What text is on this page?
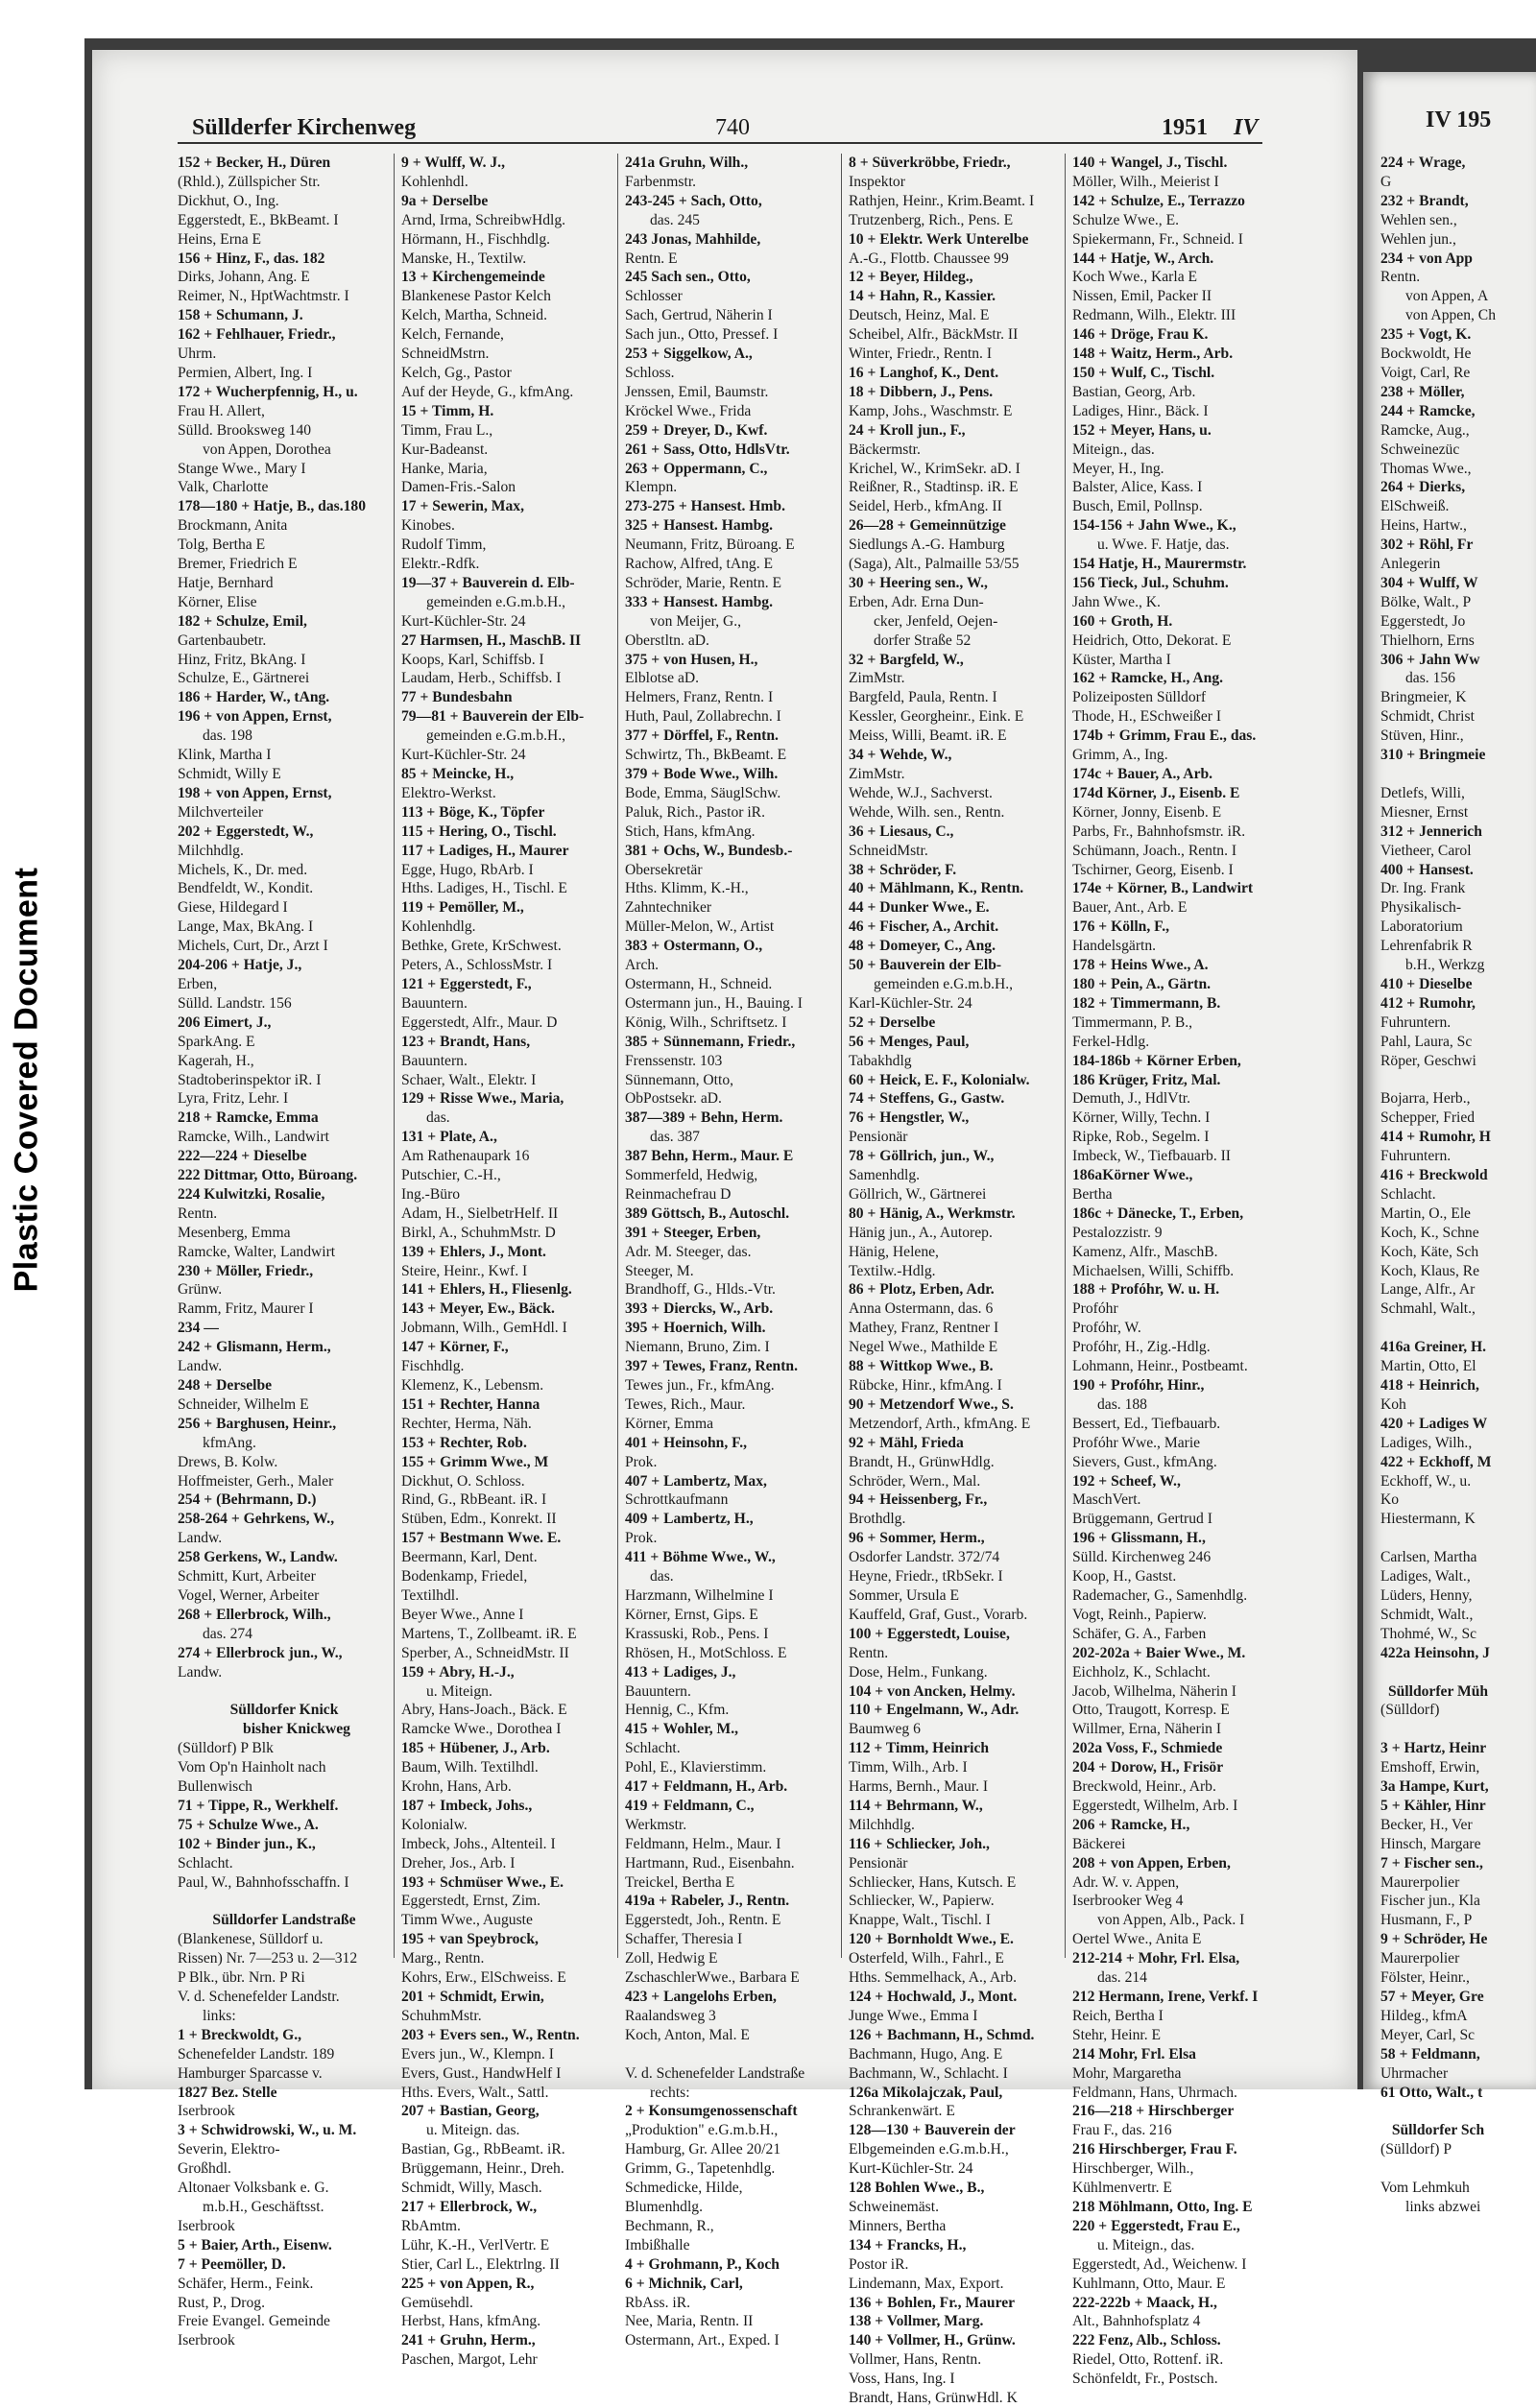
Plastic Covered Document
Süllderfer Kirchenweg	740	1951 IV	IV 195

152 + Becker, H., Düren

(Rhld.), Züllspicher Str.

Dickhut, O., Ing.

Eggerstedt, E., BkBeamt. I

Heins, Erna E

156 + Hinz, F., das. 182

Dirks, Johann, Ang. E

Reimer, N., HptWachtmstr. I

158 + Schumann, J.

162 + Fehlhauer, Friedr.,

Uhrm.

Permien, Albert, Ing. I

172 + Wucherpfennig, H., u.

Frau H. Allert,

Sülld. Brooksweg 140

von Appen, Dorothea

Stange Wwe., Mary I

Valk, Charlotte

178—180 + Hatje, B., das.180

Brockmann, Anita

Tolg, Bertha E

Bremer, Friedrich E

Hatje, Bernhard

Körner, Elise

182 + Schulze, Emil,

Gartenbaubetr.

Hinz, Fritz, BkAng. I

Schulze, E., Gärtnerei

186 + Harder, W., tAng.

196 + von Appen, Ernst,

das. 198

Klink, Martha I

Schmidt, Willy E

198 + von Appen, Ernst,

Milchverteiler

202 + Eggerstedt, W.,

Milchhdlg.

Michels, K., Dr. med.

Bendfeldt, W., Kondit.

Giese, Hildegard I

Lange, Max, BkAng. I

Michels, Curt, Dr., Arzt I

204-206 + Hatje, J.,

Erben,

Sülld. Landstr. 156

206 Eimert, J.,

SparkAng. E

Kagerah, H.,

Stadtoberinspektor iR. I

Lyra, Fritz, Lehr. I

218 + Ramcke, Emma

Ramcke, Wilh., Landwirt

222—224 + Dieselbe

222 Dittmar, Otto, Büroang.

224 Kulwitzki, Rosalie,

Rentn.

Mesenberg, Emma

Ramcke, Walter, Landwirt

230 + Möller, Friedr.,

Grünw.

Ramm, Fritz, Maurer I

234 —

242 + Glismann, Herm.,

Landw.

248 + Derselbe

Schneider, Wilhelm E

256 + Barghusen, Heinr.,

kfmAng.

Drews, B. Kolw.

Hoffmeister, Gerh., Maler

254 + (Behrmann, D.)

258-264 + Gehrkens, W.,

Landw.

258 Gerkens, W., Landw.

Schmitt, Kurt, Arbeiter

Vogel, Werner, Arbeiter

268 + Ellerbrock, Wilh.,

das. 274

274 + Ellerbrock jun., W.,

Landw.

Sülldorfer Knick

bisher Knickweg

(Sülldorf) P Blk

Vom Op'n Hainholt nach

Bullenwisch

71 + Tippe, R., Werkhelf.

75 + Schulze Wwe., A.

102 + Binder jun., K.,

Schlacht.

Paul, W., Bahnhofsschaffn. I

Sülldorfer Landstraße

(Blankenese, Sülldorf u.

Rissen) Nr. 7—253 u. 2—312

P Blk., übr. Nrn. P Ri

V. d. Schenefelder Landstr.

links:

1 + Breckwoldt, G.,

Schenefelder Landstr. 189

Hamburger Sparcasse v.

1827 Bez. Stelle

Iserbrook

3 + Schwidrowski, W., u. M.

Severin, Elektro-

Großhdl.

Altonaer Volksbank e. G.

m.b.H., Geschäftsst.

Iserbrook

5 + Baier, Arth., Eisenw.

7 + Peemöller, D.

Schäfer, Herm., Feink.

Rust, P., Drog.

Freie Evangel. Gemeinde

Iserbrook

9 + Wulff, W. J.,

Kohlenhdl.

9a + Derselbe

Arnd, Irma, SchreibwHdlg.

Hörmann, H., Fischhdlg.

Manske, H., Textilw.

13 + Kirchengemeinde

Blankenese Pastor Kelch

Kelch, Martha, Schneid.

Kelch, Fernande,

SchneidMstrn.

Kelch, Gg., Pastor

Auf der Heyde, G., kfmAng.

15 + Timm, H.

Timm, Frau L.,

Kur-Badeanst.

Hanke, Maria,

Damen-Fris.-Salon

17 + Sewerin, Max,

Kinobes.

Rudolf Timm,

Elektr.-Rdfk.

19—37 + Bauverein d. Elb-

gemeinden e.G.m.b.H.,

Kurt-Küchler-Str. 24

27 Harmsen, H., MaschB. II

Koops, Karl, Schiffsb. I

Laudam, Herb., Schiffsb. I

77 + Bundesbahn

79—81 + Bauverein der Elb-

gemeinden e.G.m.b.H.,

Kurt-Küchler-Str. 24

85 + Meincke, H.,

Elektro-Werkst.

113 + Böge, K., Töpfer

115 + Hering, O., Tischl.

117 + Ladiges, H., Maurer

Egge, Hugo, RbArb. I

Hths. Ladiges, H., Tischl. E

119 + Pemöller, M.,

Kohlenhdlg.

Bethke, Grete, KrSchwest.

Peters, A., SchlossMstr. I

121 + Eggerstedt, F.,

Bauuntern.

Eggerstedt, Alfr., Maur. D

123 + Brandt, Hans,

Bauuntern.

Schaer, Walt., Elektr. I

129 + Risse Wwe., Maria,

das.

131 + Plate, A.,

Am Rathenaupark 16

Putschier, C.-H.,

Ing.-Büro

Adam, H., SielbetrHelf. II

Birkl, A., SchuhmMstr. D

139 + Ehlers, J., Mont.

Steire, Heinr., Kwf. I

141 + Ehlers, H., Fliesenlg.

143 + Meyer, Ew., Bäck.

Jobmann, Wilh., GemHdl. I

147 + Körner, F.,

Fischhdlg.

Klemenz, K., Lebensm.

151 + Rechter, Hanna

Rechter, Herma, Näh.

153 + Rechter, Rob.

155 + Grimm Wwe., M

Dickhut, O. Schloss.

Rind, G., RbBeant. iR. I

Stüben, Edm., Konrekt. II

157 + Bestmann Wwe. E.

Beermann, Karl, Dent.

Bodenkamp, Friedel,

Textilhdl.

Beyer Wwe., Anne I

Martens, T., Zollbeamt. iR. E

Sperber, A., SchneidMstr. II

159 + Abry, H.-J.,

u. Miteign.

Abry, Hans-Joach., Bäck. E

Ramcke Wwe., Dorothea I

185 + Hübener, J., Arb.

Baum, Wilh. Textilhdl.

Krohn, Hans, Arb.

187 + Imbeck, Johs.,

Kolonialw.

Imbeck, Johs., Altenteil. I

Dreher, Jos., Arb. I

193 + Schmüser Wwe., E.

Eggerstedt, Ernst, Zim.

Timm Wwe., Auguste

195 + van Speybrock,

Marg., Rentn.

Kohrs, Erw., ElSchweiss. E

201 + Schmidt, Erwin,

SchuhmMstr.

203 + Evers sen., W., Rentn.

Evers jun., W., Klempn. I

Evers, Gust., HandwHelf I

Hths. Evers, Walt., Sattl.

207 + Bastian, Georg,

u. Miteign. das.

Bastian, Gg., RbBeamt. iR.

Brüggemann, Heinr., Dreh.

Schmidt, Willy, Masch.

217 + Ellerbrock, W.,

RbAmtm.

Lühr, K.-H., VerlVertr. E

Stier, Carl L., Elektrlng. II

225 + von Appen, R.,

Gemüsehdl.

Herbst, Hans, kfmAng.

241 + Gruhn, Herm.,

Paschen, Margot, Lehr

241a Gruhn, Wilh.,

Farbenmstr.

243-245 + Sach, Otto,

das. 245

243 Jonas, Mahhilde,

Rentn. E

245 Sach sen., Otto,

Schlosser

Sach, Gertrud, Näherin I

Sach jun., Otto, Pressef. I

253 + Siggelkow, A.,

Schloss.

Jenssen, Emil, Baumstr.

Kröckel Wwe., Frida

259 + Dreyer, D., Kwf.

261 + Sass, Otto, HdlsVtr.

263 + Oppermann, C.,

Klempn.

273-275 + Hansest. Hmb.

325 + Hansest. Hambg.

Neumann, Fritz, Büroang. E

Rachow, Alfred, tAng. E

Schröder, Marie, Rentn. E

333 + Hansest. Hambg.

von Meijer, G.,

Oberstltn. aD.

375 + von Husen, H.,

Elblotse aD.

Helmers, Franz, Rentn. I

Huth, Paul, Zollabrechn. I

377 + Dörffel, F., Rentn.

Schwirtz, Th., BkBeamt. E

379 + Bode Wwe., Wilh.

Bode, Emma, SäuglSchw.

Paluk, Rich., Pastor iR.

Stich, Hans, kfmAng.

381 + Ochs, W., Bundesb.-

Obersekretär

Hths. Klimm, K.-H.,

Zahntechniker

Müller-Melon, W., Artist

383 + Ostermann, O.,

Arch.

Ostermann, H., Schneid.

Ostermann jun., H., Bauing. I

König, Wilh., Schriftsetz. I

385 + Sünnemann, Friedr.,

Frenssenstr. 103

Sünnemann, Otto,

ObPostsekr. aD.

387—389 + Behn, Herm.

das. 387

387 Behn, Herm., Maur. E

Sommerfeld, Hedwig,

Reinmachefrau D

389 Göttsch, B., Autoschl.

391 + Steeger, Erben,

Adr. M. Steeger, das.

Steeger, M.

Brandhoff, G., Hlds.-Vtr.

393 + Diercks, W., Arb.

395 + Hoernich, Wilh.

Niemann, Bruno, Zim. I

397 + Tewes, Franz, Rentn.

Tewes jun., Fr., kfmAng.

Tewes, Rich., Maur.

Körner, Emma

401 + Heinsohn, F.,

Prok.

407 + Lambertz, Max,

Schrottkaufmann

409 + Lambertz, H.,

Prok.

411 + Böhme Wwe., W.,

das.

Harzmann, Wilhelmine I

Körner, Ernst, Gips. E

Krassuski, Rob., Pens. I

Rhösen, H., MotSchloss. E

413 + Ladiges, J.,

Bauuntern.

Hennig, C., Kfm.

415 + Wohler, M.,

Schlacht.

Pohl, E., Klavierstimm.

417 + Feldmann, H., Arb.

419 + Feldmann, C.,

Werkmstr.

Feldmann, Helm., Maur. I

Hartmann, Rud., Eisenbahn.

Treickel, Bertha E

419a + Rabeler, J., Rentn.

Eggerstedt, Joh., Rentn. E

Schaffer, Theresia I

Zoll, Hedwig E

ZschaschlerWwe., Barbara E

423 + Langelohs Erben,

Raalandsweg 3

Koch, Anton, Mal. E

V. d. Schenefelder Landstraße

rechts:

2 + Konsumgenossenschaft

„Produktion" e.G.m.b.H.,

Hamburg, Gr. Allee 20/21

Grimm, G., Tapetenhdlg.

Schmedicke, Hilde,

Blumenhdlg.

Bechmann, R.,

Imbißhalle

4 + Grohmann, P., Koch

6 + Michnik, Carl,

RbAss. iR.

Nee, Maria, Rentn. II

Ostermann, Art., Exped. I

8 + Süverkröbbe, Friedr.,

Inspektor

Rathjen, Heinr., Krim.Beamt. I

Trutzenberg, Rich., Pens. E

10 + Elektr. Werk Unterelbe

A.-G., Flottb. Chaussee 99

12 + Beyer, Hildeg.,

14 + Hahn, R., Kassier.

Deutsch, Heinz, Mal. E

Scheibel, Alfr., BäckMstr. II

Winter, Friedr., Rentn. I

16 + Langhof, K., Dent.

18 + Dibbern, J., Pens.

Kamp, Johs., Waschmstr. E

24 + Kroll jun., F.,

Bäckermstr.

Krichel, W., KrimSekr. aD. I

Reißner, R., Stadtinsp. iR. E

Seidel, Herb., kfmAng. II

26—28 + Gemeinnützige

Siedlungs A.-G. Hamburg

(Saga), Alt., Palmaille 53/55

30 + Heering sen., W.,

Erben, Adr. Erna Dun-

cker, Jenfeld, Oejen-

dorfer Straße 52

32 + Bargfeld, W.,

ZimMstr.

Bargfeld, Paula, Rentn. I

Kessler, Georgheinr., Eink. E

Meiss, Willi, Beamt. iR. E

34 + Wehde, W.,

ZimMstr.

Wehde, W.J., Sachverst.

Wehde, Wilh. sen., Rentn.

36 + Liesaus, C.,

SchneidMstr.

38 + Schröder, F.

40 + Mählmann, K., Rentn.

44 + Dunker Wwe., E.

46 + Fischer, A., Archit.

48 + Domeyer, C., Ang.

50 + Bauverein der Elb-

gemeinden e.G.m.b.H.,

Karl-Küchler-Str. 24

52 + Derselbe

56 + Menges, Paul,

Tabakhdlg

60 + Heick, E. F., Kolonialw.

74 + Steffens, G., Gastw.

76 + Hengstler, W.,

Pensionär

78 + Göllrich, jun., W.,

Samenhdlg.

Göllrich, W., Gärtnerei

80 + Hänig, A., Werkmstr.

Hänig jun., A., Autorep.

Hänig, Helene,

Textilw.-Hdlg.

86 + Plotz, Erben, Adr.

Anna Ostermann, das. 6

Mathey, Franz, Rentner I

Negel Wwe., Mathilde E

88 + Wittkop Wwe., B.

Rübcke, Hinr., kfmAng. I

90 + Metzendorf Wwe., S.

Metzendorf, Arth., kfmAng. E

92 + Mähl, Frieda

Brandt, H., GrünwHdlg.

Schröder, Wern., Mal.

94 + Heissenberg, Fr.,

Brothdlg.

96 + Sommer, Herm.,

Osdorfer Landstr. 372/74

Heyne, Friedr., tRbSekr. I

Sommer, Ursula E

Kauffeld, Graf, Gust., Vorarb.

100 + Eggerstedt, Louise,

Rentn.

Dose, Helm., Funkang.

104 + von Ancken, Helmy.

110 + Engelmann, W., Adr.

Baumweg 6

112 + Timm, Heinrich

Timm, Wilh., Arb. I

Harms, Bernh., Maur. I

114 + Behrmann, W.,

Milchhdlg.

116 + Schliecker, Joh.,

Pensionär

Schliecker, Hans, Kutsch. E

Schliecker, W., Papierw.

Knappe, Walt., Tischl. I

120 + Bornholdt Wwe., E.

Osterfeld, Wilh., Fahrl., E

Hths. Semmelhack, A., Arb.

124 + Hochwald, J., Mont.

Junge Wwe., Emma I

126 + Bachmann, H., Schmd.

Bachmann, Hugo, Ang. E

Bachmann, W., Schlacht. I

126a Mikolajczak, Paul,

Schrankenwärt. E

128—130 + Bauverein der

Elbgemeinden e.G.m.b.H.,

Kurt-Küchler-Str. 24

128 Bohlen Wwe., B.,

Schweinemäst.

Minners, Bertha

134 + Francks, H.,

Postor iR.

Lindemann, Max, Export.

136 + Bohlen, Fr., Maurer

138 + Vollmer, Marg.

140 + Vollmer, H., Grünw.

Vollmer, Hans, Rentn.

Voss, Hans, Ing. I

Brandt, Hans, GrünwHdl. K

140 + Wangel, J., Tischl.

Möller, Wilh., Meierist I

142 + Schulze, E., Terrazzo

Schulze Wwe., E.

Spiekermann, Fr., Schneid. I

144 + Hatje, W., Arch.

Koch Wwe., Karla E

Nissen, Emil, Packer II

Redmann, Wilh., Elektr. III

146 + Dröge, Frau K.

148 + Waitz, Herm., Arb.

150 + Wulf, C., Tischl.

Bastian, Georg, Arb.

Ladiges, Hinr., Bäck. I

152 + Meyer, Hans, u.

Miteign., das.

Meyer, H., Ing.

Balster, Alice, Kass. I

Busch, Emil, Pollnsp.

154-156 + Jahn Wwe., K.,

u. Wwe. F. Hatje, das.

154 Hatje, H., Maurermstr.

156 Tieck, Jul., Schuhm.

Jahn Wwe., K.

160 + Groth, H.

Heidrich, Otto, Dekorat. E

Küster, Martha I

162 + Ramcke, H., Ang.

Polizeiposten Sülldorf

Thode, H., ESchweißer I

174b + Grimm, Frau E., das.

Grimm, A., Ing.

174c + Bauer, A., Arb.

174d Körner, J., Eisenb. E

Körner, Jonny, Eisenb. E

Parbs, Fr., Bahnhofsmstr. iR.

Schümann, Joach., Rentn. I

Tschirner, Georg, Eisenb. I

174e + Körner, B., Landwirt

Bauer, Ant., Arb. E

176 + Kölln, F.,

Handelsgärtn.

178 + Heins Wwe., A.

180 + Pein, A., Gärtn.

182 + Timmermann, B.

Timmermann, P. B.,

Ferkel-Hdlg.

184-186b + Körner Erben,

186 Krüger, Fritz, Mal.

Demuth, J., HdlVtr.

Körner, Willy, Techn. I

Ripke, Rob., Segelm. I

Imbeck, W., Tiefbauarb. II

186aKörner Wwe.,

Bertha

186c + Dänecke, T., Erben,

Pestalozzistr. 9

Kamenz, Alfr., MaschB.

Michaelsen, Willi, Schiffb.

188 + Profóhr, W. u. H.

Profóhr

Profóhr, W.

Profóhr, H., Zig.-Hdlg.

Lohmann, Heinr., Postbeamt.

190 + Profóhr, Hinr.,

das. 188

Bessert, Ed., Tiefbauarb.

Profóhr Wwe., Marie

Sievers, Gust., kfmAng.

192 + Scheef, W.,

MaschVert.

Brüggemann, Gertrud I

196 + Glissmann, H.,

Sülld. Kirchenweg 246

Koop, H., Gastst.

Rademacher, G., Samenhdlg.

Vogt, Reinh., Papierw.

Schäfer, G. A., Farben

202-202a + Baier Wwe., M.

Eichholz, K., Schlacht.

Jacob, Wilhelma, Näherin I

Otto, Traugott, Korresp. E

Willmer, Erna, Näherin I

202a Voss, F., Schmiede

204 + Dorow, H., Frisör

Breckwold, Heinr., Arb.

Eggerstedt, Wilhelm, Arb. I

206 + Ramcke, H.,

Bäckerei

208 + von Appen, Erben,

Adr. W. v. Appen,

Iserbrooker Weg 4

von Appen, Alb., Pack. I

Oertel Wwe., Anita E

212-214 + Mohr, Frl. Elsa,

das. 214

212 Hermann, Irene, Verkf. I

Reich, Bertha I

Stehr, Heinr. E

214 Mohr, Frl. Elsa

Mohr, Margaretha

Feldmann, Hans, Uhrmach.

216—218 + Hirschberger

Frau F., das. 216

216 Hirschberger, Frau F.

Hirschberger, Wilh.,

Kühlmenvertr. E

218 Möhlmann, Otto, Ing. E

220 + Eggerstedt, Frau E.,

u. Miteign., das.

Eggerstedt, Ad., Weichenw. I

Kuhlmann, Otto, Maur. E

222-222b + Maack, H.,

Alt., Bahnhofsplatz 4

222 Fenz, Alb., Schloss.

Riedel, Otto, Rottenf. iR.

Schönfeldt, Fr., Postsch.

224 + Wrage,

G

232 + Brandt,

Wehlen sen.,

Wehlen jun.,

234 + von App

Rentn.

von Appen, A

von Appen, Ch

235 + Vogt, K.

Bockwoldt, He

Voigt, Carl, Re

238 + Möller,

244 + Ramcke,

Ramcke, Aug.,

Schweinezüc

Thomas Wwe.,

264 + Dierks,

ElSchweiß.

Heins, Hartw.,

302 + Röhl, Fr

Anlegerin

304 + Wulff, W

Bölke, Walt., P

Eggerstedt, Jo

Thielhorn, Erns

306 + Jahn Ww

das. 156

Bringmeier, K

Schmidt, Christ

Stüven, Hinr.,

310 + Bringmeie

Detlefs, Willi,

Miesner, Ernst

312 + Jennerich

Vietheer, Carol

400 + Hansest.

Dr. Ing. Frank

Physikalisch-

Laboratorium

Lehrenfabrik R

b.H., Werkzg

410 + Dieselbe

412 + Rumohr,

Fuhruntern.

Pahl, Laura, Sc

Röper, Geschwi

Bojarra, Herb.,

Schepper, Fried

414 + Rumohr, H

Fuhruntern.

416 + Breckwold

Schlacht.

Martin, O., Ele

Koch, K., Schne

Koch, Käte, Sch

Koch, Klaus, Re

Lange, Alfr., Ar

Schmahl, Walt.,

416a Greiner, H.

Martin, Otto, El

418 + Heinrich,

Koh

420 + Ladiges W

Ladiges, Wilh.,

422 + Eckhoff, M

Eckhoff, W., u.

Ko

Hiestermann, K

Carlsen, Martha

Ladiges, Walt.,

Lüders, Henny,

Schmidt, Walt.,

Thohmé, W., Sc

422a Heinsohn, J

Sülldorfer Müh

(Sülldorf)

3 + Hartz, Heinr

Emshoff, Erwin,

3a Hampe, Kurt,

5 + Kähler, Hinr

Becker, H., Ver

Hinsch, Margare

7 + Fischer sen.,

Maurerpolier

Fischer jun., Kla

Husmann, F., P

9 + Schröder, He

Maurerpolier

Fölster, Heinr.,

57 + Meyer, Gre

Hildeg., kfmA

Meyer, Carl, Sc

58 + Feldmann,

Uhrmacher

61 Otto, Walt., t

Sülldorfer Sch

(Sülldorf) P

Vom Lehmkuh

links abzwei
